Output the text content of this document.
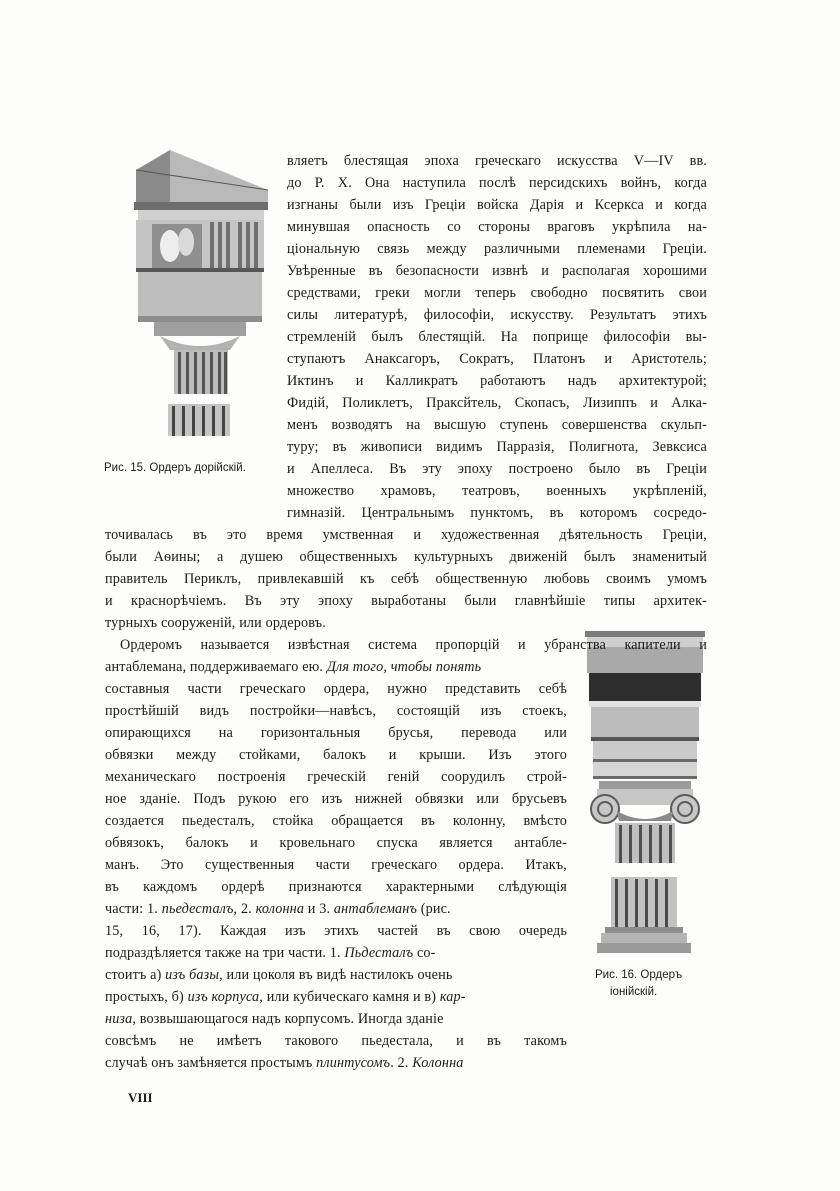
Рис. 15. Ордеръ дорійскій.
Рис. 16. Ордеръ
іонійскій.
вляетъ блестящая эпоха греческаго искусства V—IV вв.
до Р. X. Она наступила послѣ персидскихъ войнъ, когда
изгнаны были изъ Греціи войска Дарія и Ксеркса и когда
минувшая опасность со стороны враговъ укрѣпила на-
ціональную связь между различными племенами Греціи.
Увѣренные въ безопасности извнѣ и располагая хорошими
средствами, греки могли теперь свободно посвятить свои
силы литературѣ, философіи, искусству. Результатъ этихъ
стремленій былъ блестящій. На поприще философіи вы-
ступаютъ Анаксагоръ, Сократъ, Платонъ и Аристотель;
Иктинъ и Калликратъ работаютъ надъ архитектурой;
Фидій, Поликлетъ, Праксйтель, Скопасъ, Лизиппъ и Алка-
менъ возводятъ на высшую ступень совершенства скульп-
туру; въ живописи видимъ Парразія, Полигнота, Зевксиса
и Апеллеса. Въ эту эпоху построено было въ Греціи
множество храмовъ, театровъ, военныхъ укрѣпленій,
гимназій. Центральнымъ пунктомъ, въ которомъ сосредо-
точивалась въ это время умственная и художественная дѣятельность Греціи,
были Аѳины; а душею общественныхъ культурныхъ движеній былъ знаменитый
правитель Периклъ, привлекавшій къ себѣ общественную любовь своимъ умомъ
и краснорѣчіемъ. Въ эту эпоху выработаны были главнѣйшіе типы архитек-
турныхъ сооруженій, или ордеровъ.
Ордеромъ называется извѣстная система пропорцій и убранства капители и
антаблемана, поддерживаемаго ею. Для того, чтобы понять
составныя части греческаго ордера, нужно представить себѣ
простѣйшій видъ постройки—навѣсъ, состоящій изъ стоекъ,
опирающихся на горизонтальныя брусья, перевода или
обвязки между стойками, балокъ и крыши. Изъ этого
механическаго построенія греческій геній соорудилъ строй-
ное зданіе. Подъ рукою его изъ нижней обвязки или брусьевъ
создается пьедесталъ, стойка обращается въ колонну, вмѣсто
обвязокъ, балокъ и кровельнаго спуска является антабле-
манъ. Это существенныя части греческаго ордера. Итакъ,
въ каждомъ ордерѣ признаются характерными слѣдующія
части: 1. пьедесталъ, 2. колонна и 3. антаблеманъ (рис.
15, 16, 17). Каждая изъ этихъ частей въ свою очередь
подраздѣляется также на три части. 1. Пьдесталъ со-
стоитъ а) изъ базы, или цоколя въ видѣ настилокъ очень
простыхъ, б) изъ корпуса, или кубическаго камня и в) кар-
низа, возвышающагося надъ корпусомъ. Иногда зданіе
совсѣмъ не имѣетъ такового пьедестала, и въ такомъ
случаѣ онъ замѣняется простымъ плинтусомъ. 2. Колонна
VIII
